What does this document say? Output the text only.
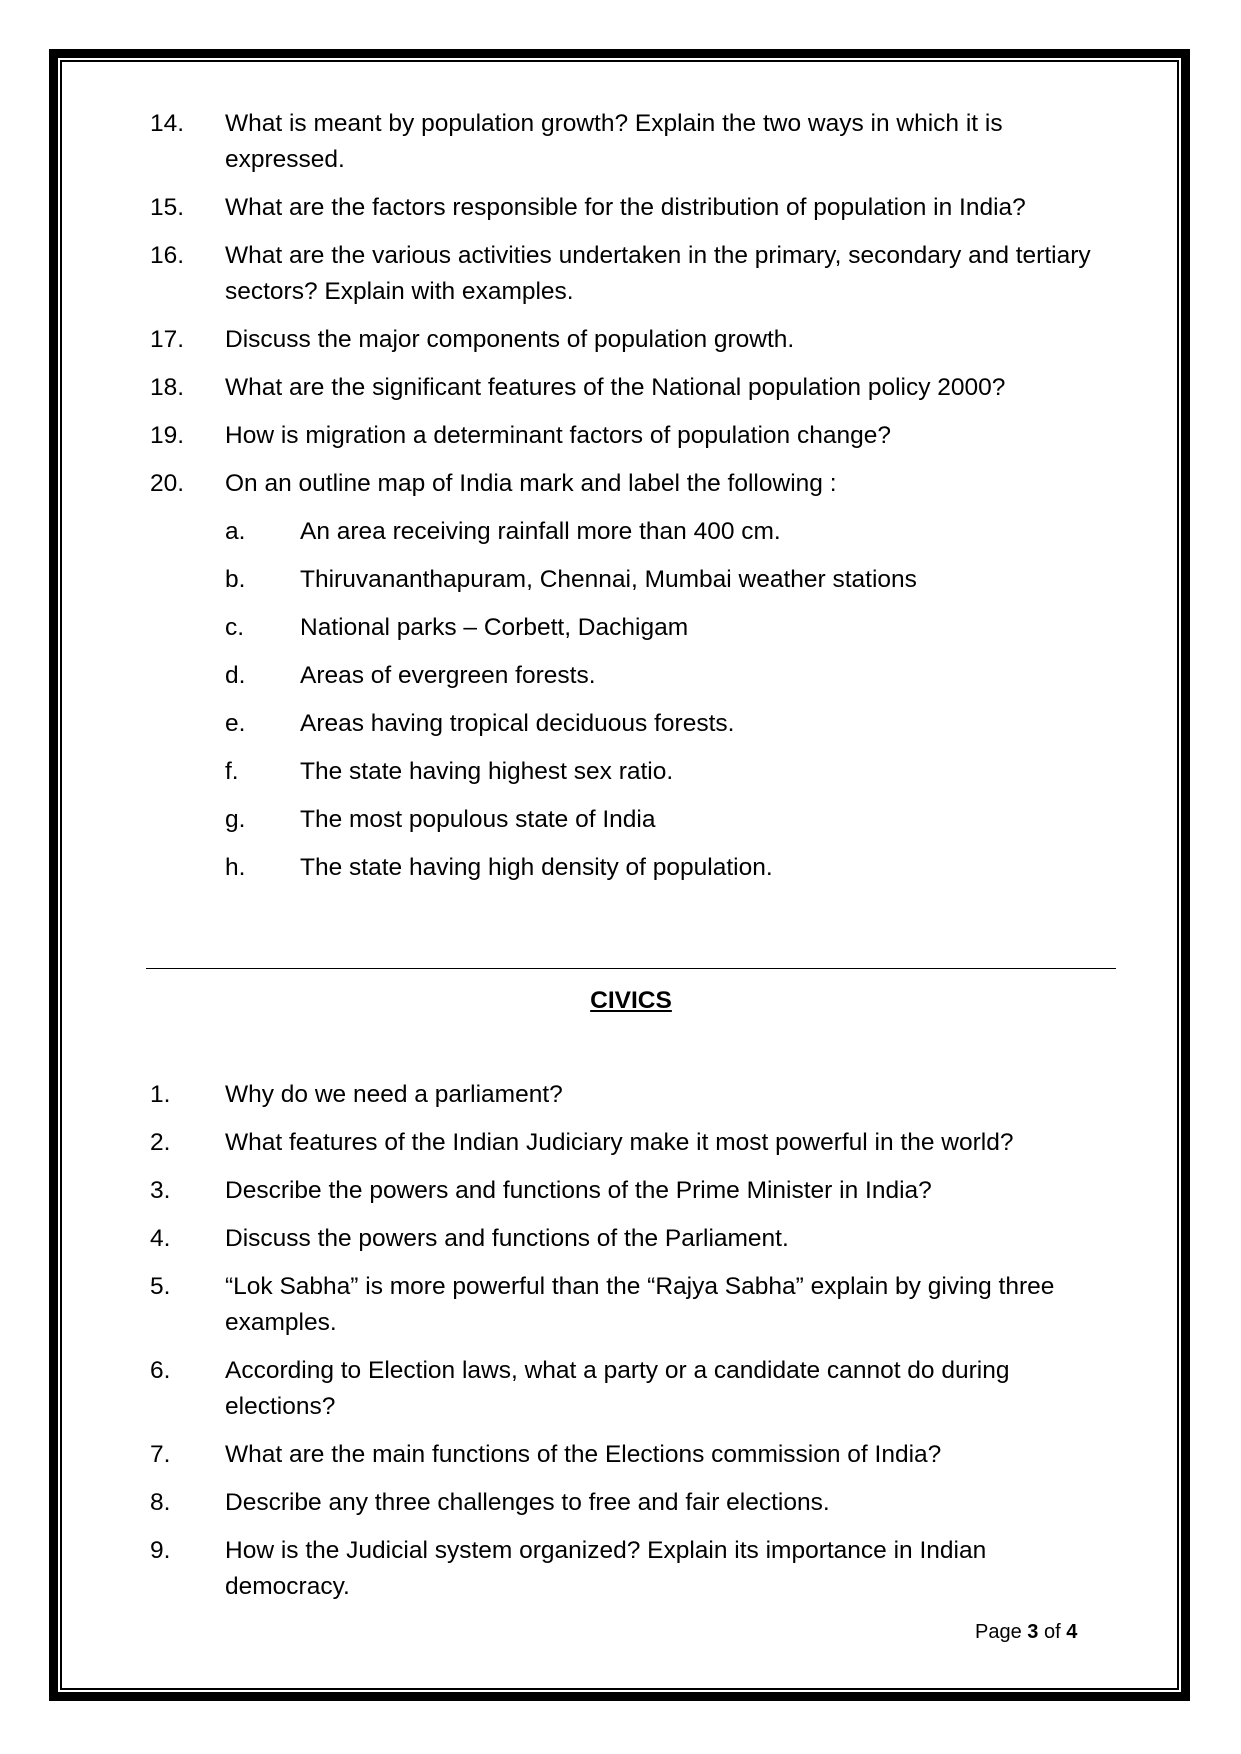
14. What is meant by population growth? Explain the two ways in which it is expressed.
15. What are the factors responsible for the distribution of population in India?
16. What are the various activities undertaken in the primary, secondary and tertiary sectors? Explain with examples.
17. Discuss the major components of population growth.
18. What are the significant features of the National population policy 2000?
19. How is migration a determinant factors of population change?
20. On an outline map of India mark and label the following :
a. An area receiving rainfall more than 400 cm.
b. Thiruvananthapuram, Chennai, Mumbai weather stations
c. National parks – Corbett, Dachigam
d. Areas of evergreen forests.
e. Areas having tropical deciduous forests.
f.	The state having highest sex ratio.
g. The most populous state of India
h. The state having high density of population.
CIVICS
1. Why do we need a parliament?
2. What features of the Indian Judiciary make it most powerful in the world?
3. Describe the powers and functions of the Prime Minister in India?
4. Discuss the powers and functions of the Parliament.
5. “Lok Sabha” is more powerful than the “Rajya Sabha” explain by giving three examples.
6. According to Election laws, what a party or a candidate cannot do during elections?
7. What are the main functions of the Elections commission of India?
8. Describe any three challenges to free and fair elections.
9. How is the Judicial system organized? Explain its importance in Indian democracy.
Page 3 of 4
